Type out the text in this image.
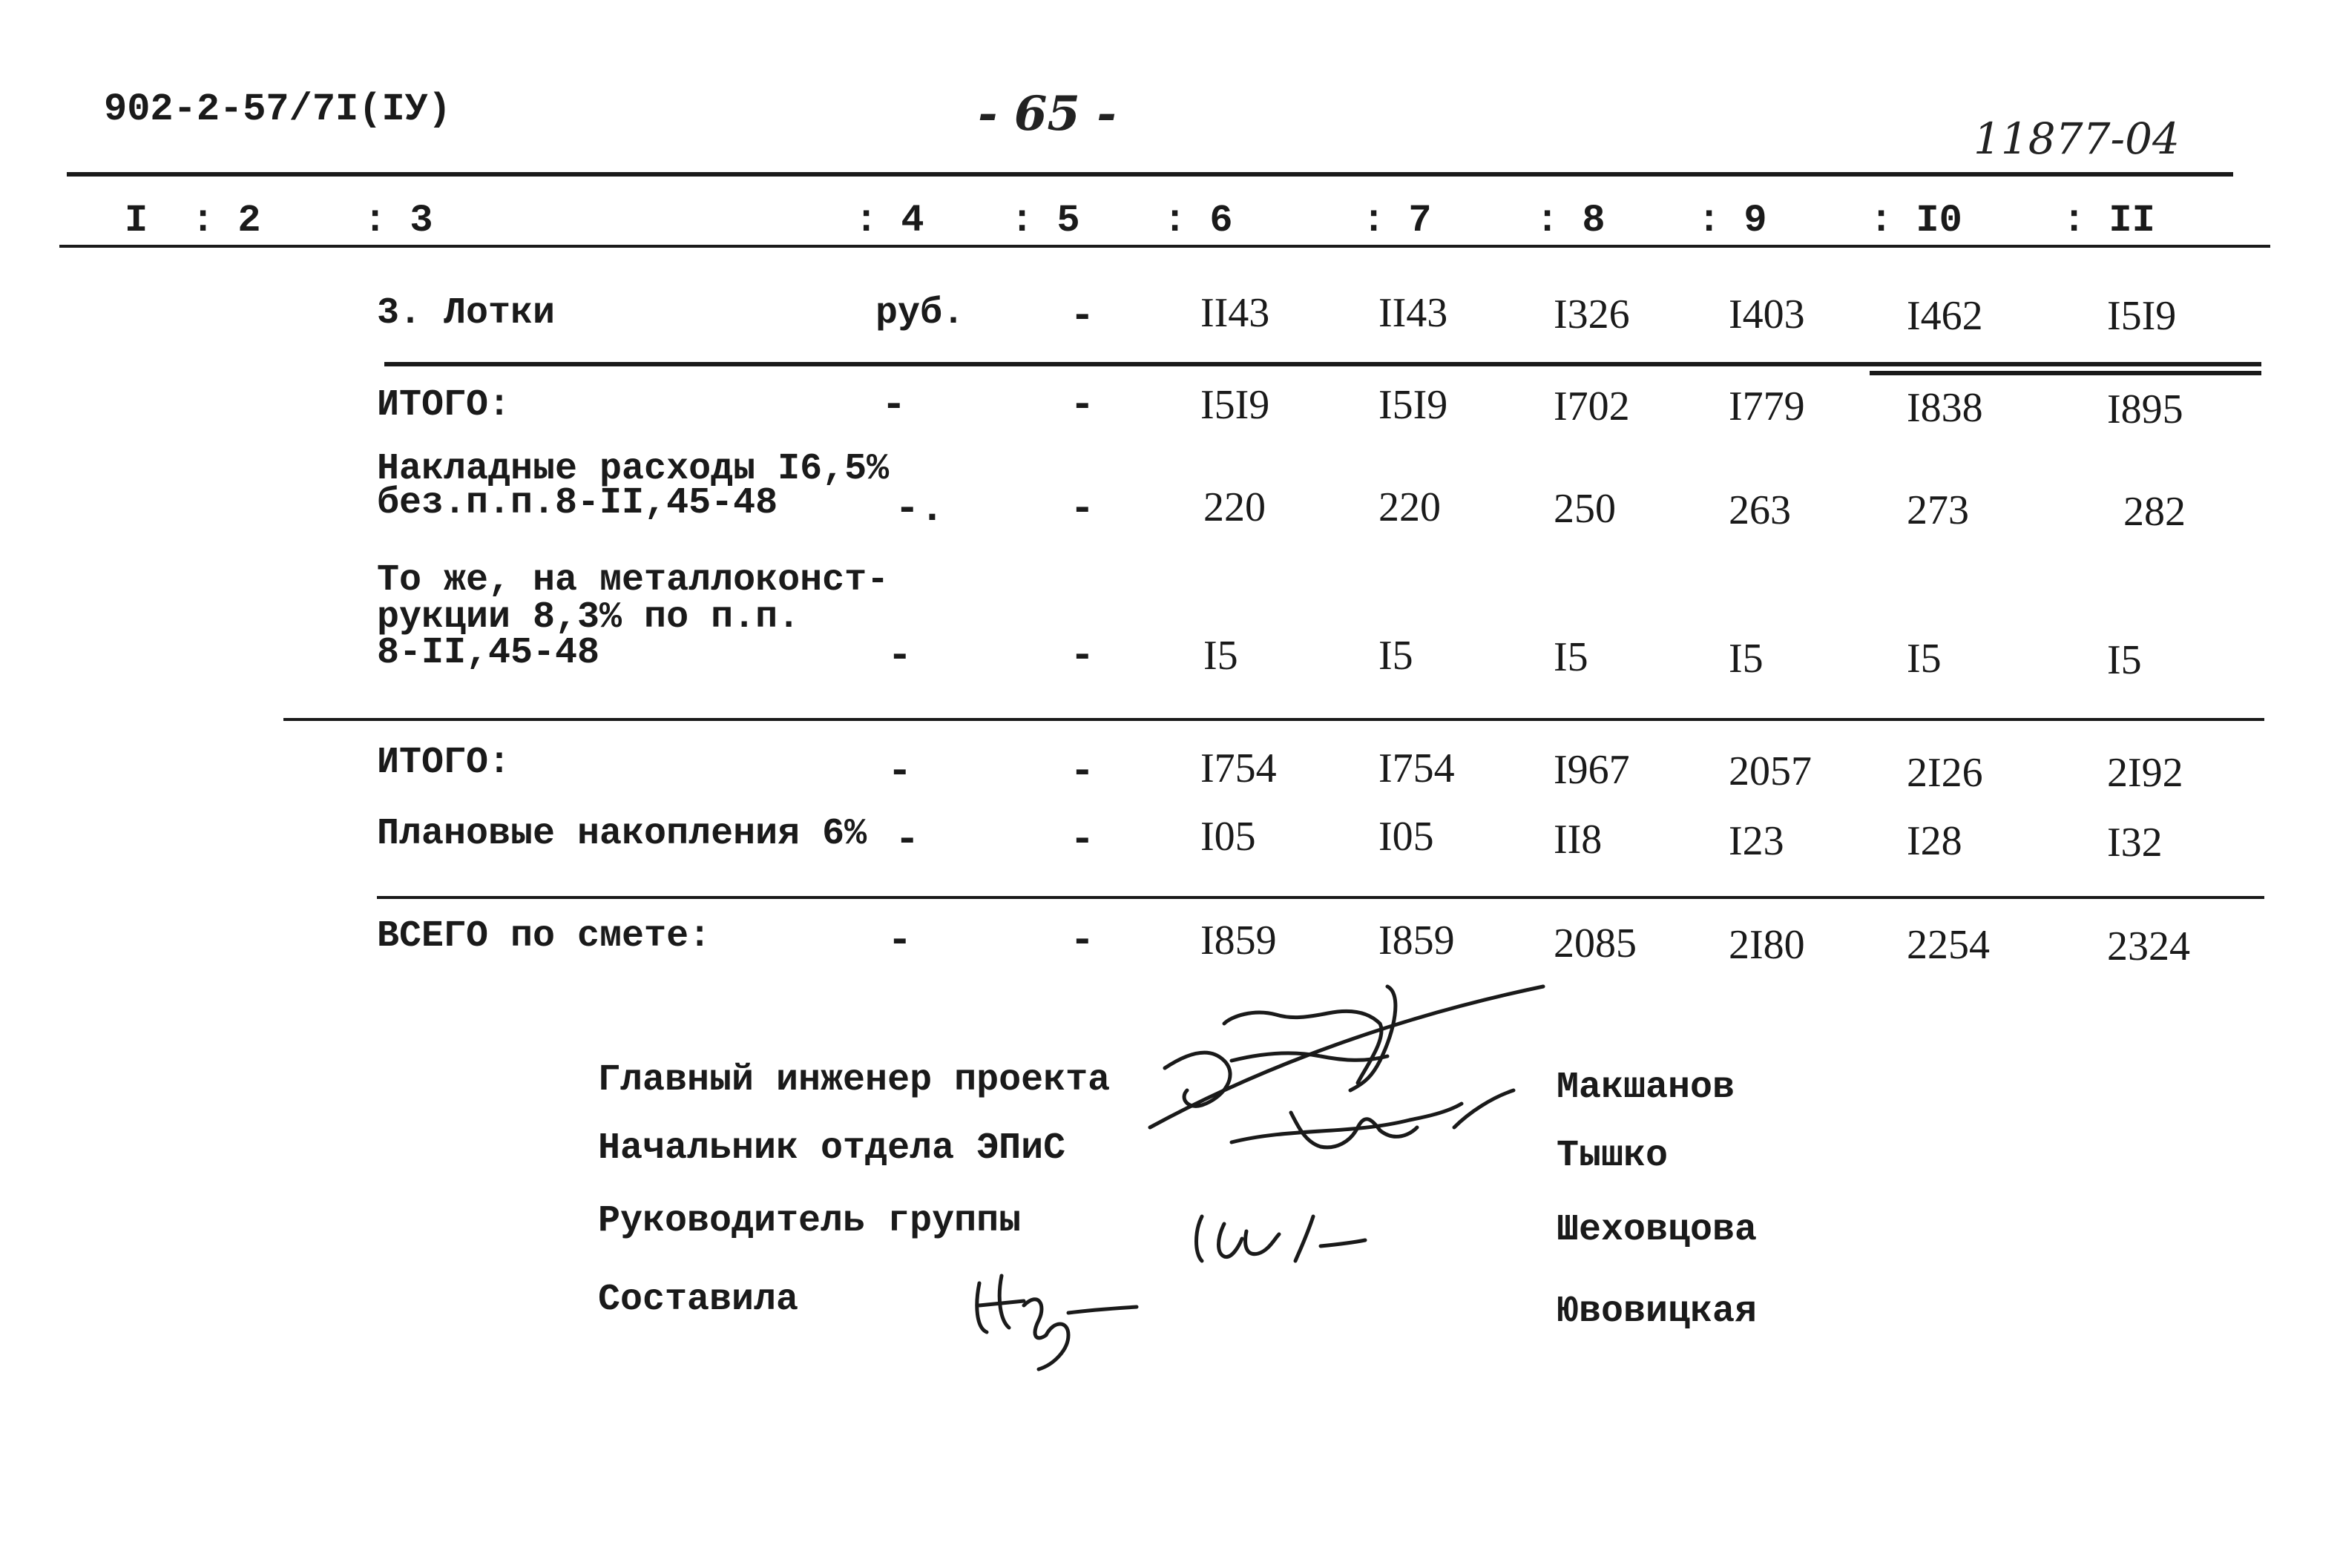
902-2-57/7I(IУ)	- 65 -	11877-04
I : 2	: 3	: 4 : 5 : 6	: 7	: 8 : 9	: I0	: II
3. Лотки	руб.	-	II43	II43	I326 I403 I462	I5I9
ИТОГО:	-	-	I5I9	I5I9	I702 I779 I838	I895
Накладные расходы I6,5%
без.п.п.8-II,45-48	-.	-	220	220	250	263	273	282
То же, на металлоконст-
рукции 8,3% по п.п.
8-II,45-48	-	-	I5	I5	I5	I5	I5	I5
ИТОГО:	-	-	I754 I754 I967 2057 2I26	2I92
Плановые накопления 6% -	-	I05	I05	II8	I23	I28	I32
ВСЕГО по смете:	-	-	I859 I859 2085 2I80 2254	2324
Главный инженер проекта	Макшанов
Начальник отдела ЭПиС	Тышко
Руководитель группы	Шеховцова
Составила	Ювовицкая
